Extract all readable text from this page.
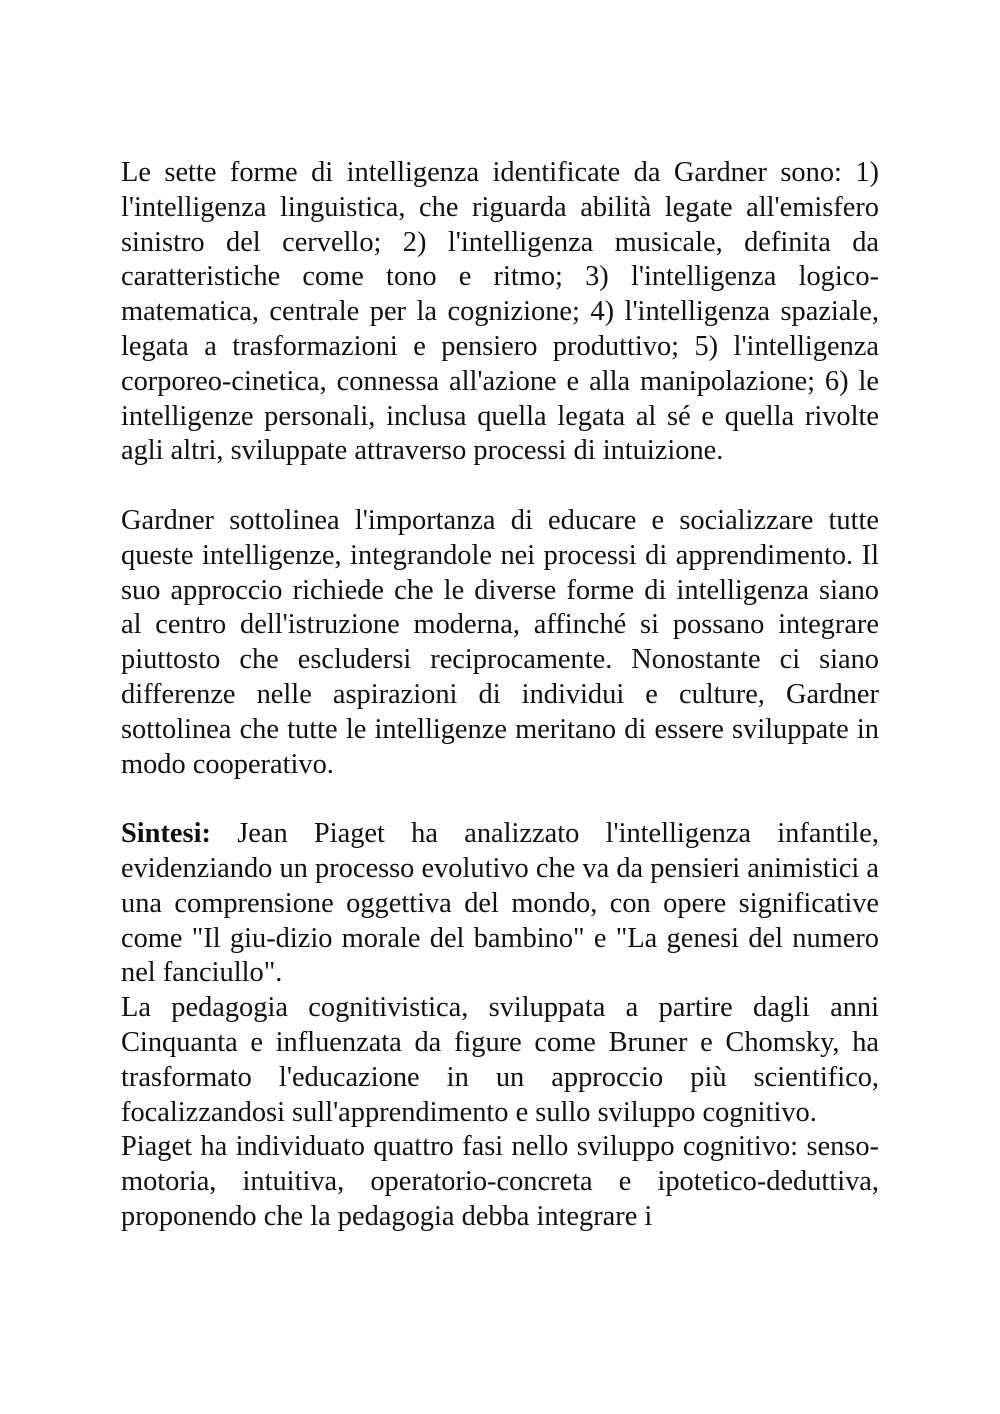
Le sette forme di intelligenza identificate da Gardner sono: 1) l'intelligenza linguistica, che riguarda abilità legate all'emisfero sinistro del cervello; 2) l'intelligenza musicale, definita da caratteristiche come tono e ritmo; 3) l'intelligenza logico-matematica, centrale per la cognizione; 4) l'intelligenza spaziale, legata a trasformazioni e pensiero produttivo; 5) l'intelligenza corporeo-cinetica, connessa all'azione e alla manipolazione; 6) le intelligenze personali, inclusa quella legata al sé e quella rivolte agli altri, sviluppate attraverso processi di intuizione.

Gardner sottolinea l'importanza di educare e socializzare tutte queste intelligenze, integrandole nei processi di apprendimento. Il suo approccio richiede che le diverse forme di intelligenza siano al centro dell'istruzione moderna, affinché si possano integrare piuttosto che escludersi reciprocamente. Nonostante ci siano differenze nelle aspirazioni di individui e culture, Gardner sottolinea che tutte le intelligenze meritano di essere sviluppate in modo cooperativo.

Sintesi: Jean Piaget ha analizzato l'intelligenza infantile, evidenziando un processo evolutivo che va da pensieri animistici a una comprensione oggettiva del mondo, con opere significative come "Il giu-dizio morale del bambino" e "La genesi del numero nel fanciullo".

La pedagogia cognitivistica, sviluppata a partire dagli anni Cinquanta e influenzata da figure come Bruner e Chomsky, ha trasformato l'educazione in un approccio più scientifico, focalizzandosi sull'apprendimento e sullo sviluppo cognitivo.

Piaget ha individuato quattro fasi nello sviluppo cognitivo: senso-motoria, intuitiva, operatorio-concreta e ipotetico-deduttiva, proponendo che la pedagogia debba integrare i
